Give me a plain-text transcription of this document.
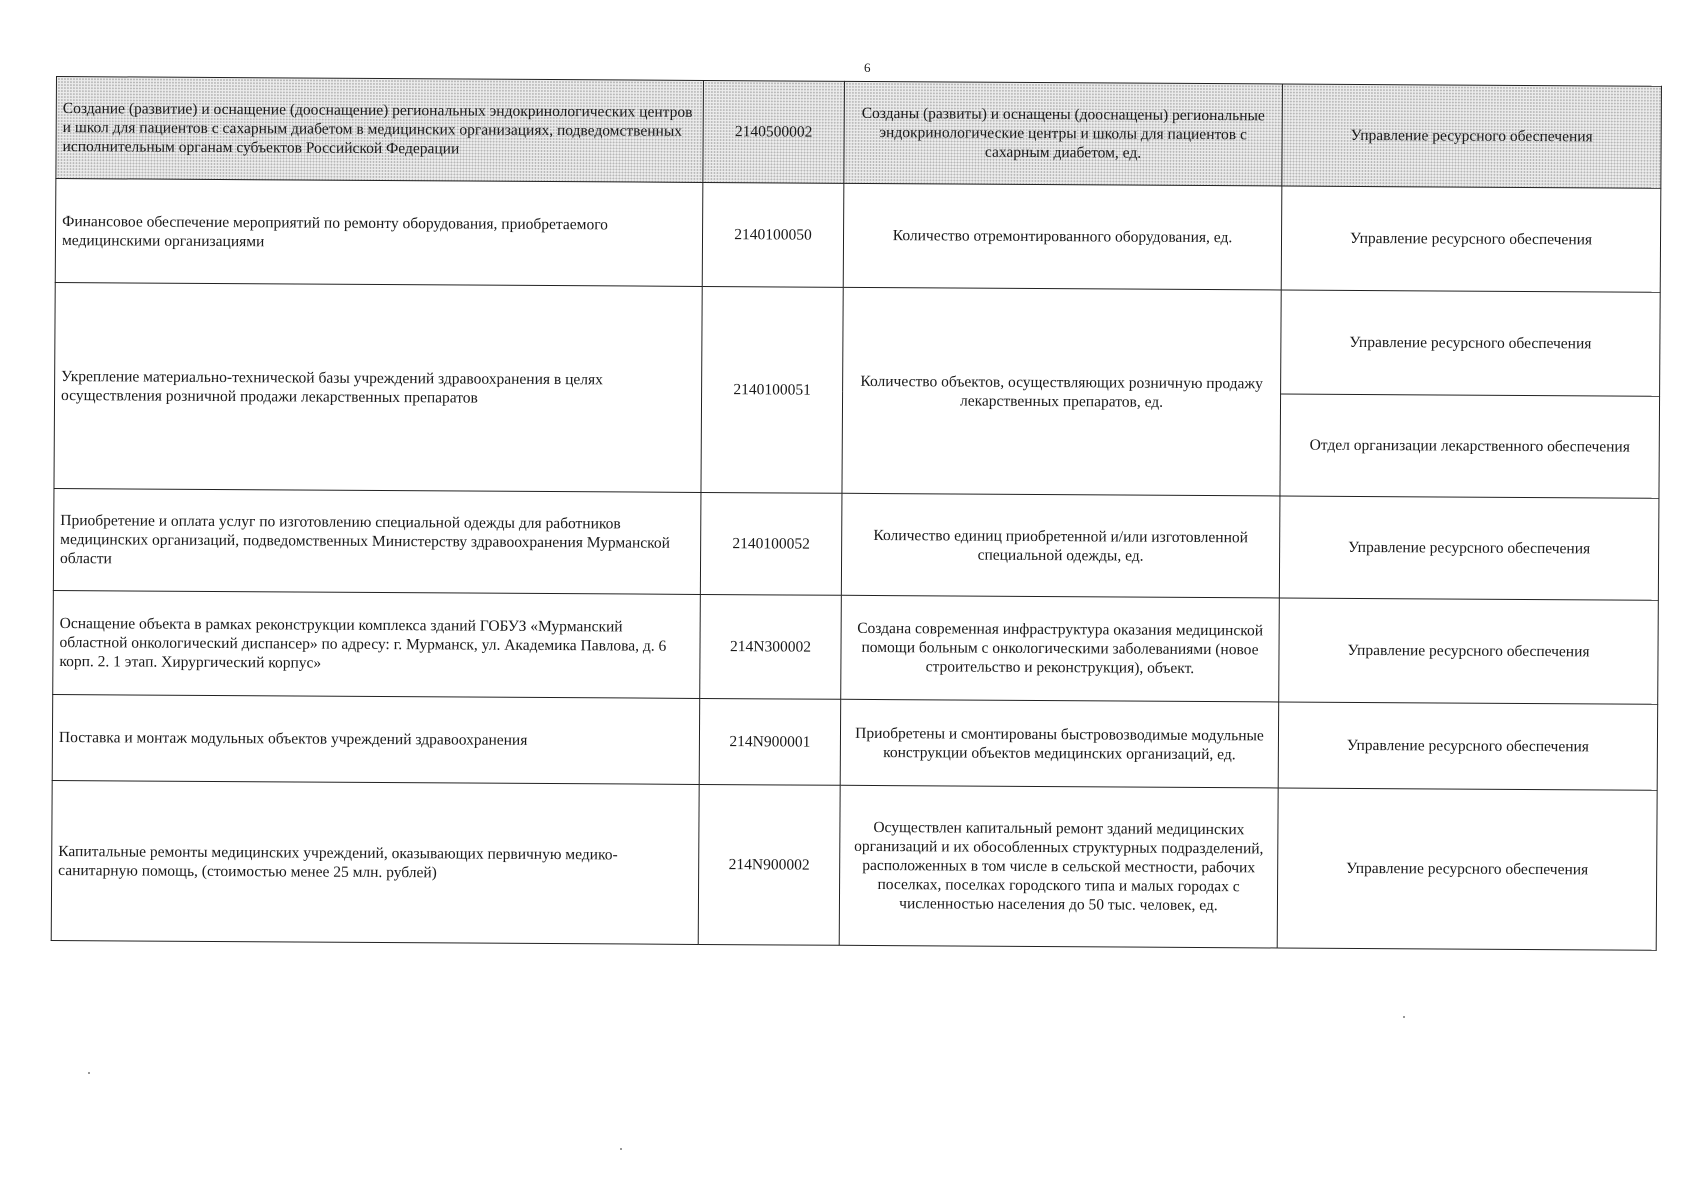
6
Создание (развитие) и оснащение (дооснащение) региональных эндокринологических центров и школ для пациентов с сахарным диабетом в медицинских организациях, подведомственных исполнительным органам субъектов Российской Федерации	2140500002	Созданы (развиты) и оснащены (дооснащены) региональные эндокринологические центры и школы для пациентов с сахарным диабетом, ед.	Управление ресурсного обеспечения
Финансовое обеспечение мероприятий по ремонту оборудования, приобретаемого медицинскими организациями	2140100050	Количество отремонтированного оборудования, ед.	Управление ресурсного обеспечения
Укрепление материально-технической базы учреждений здравоохранения в целях осуществления розничной продажи лекарственных препаратов	2140100051	Количество объектов, осуществляющих розничную продажу лекарственных препаратов, ед.	Управление ресурсного обеспечения
			Отдел организации лекарственного обеспечения
Приобретение и оплата услуг по изготовлению специальной одежды для работников медицинских организаций, подведомственных Министерству здравоохранения Мурманской области	2140100052	Количество единиц приобретенной и/или изготовленной специальной одежды, ед.	Управление ресурсного обеспечения
Оснащение объекта в рамках реконструкции комплекса зданий ГОБУЗ «Мурманский областной онкологический диспансер» по адресу: г. Мурманск, ул. Академика Павлова, д. 6 корп. 2. 1 этап. Хирургический корпус»	214N300002	Создана современная инфраструктура оказания медицинской помощи больным с онкологическими заболеваниями (новое строительство и реконструкция), объект.	Управление ресурсного обеспечения
Поставка и монтаж модульных объектов учреждений здравоохранения	214N900001	Приобретены и смонтированы быстровозводимые модульные конструкции объектов медицинских организаций, ед.	Управление ресурсного обеспечения
Капитальные ремонты медицинских учреждений, оказывающих первичную медико-санитарную помощь, (стоимостью менее 25 млн. рублей)	214N900002	Осуществлен капитальный ремонт зданий медицинских организаций и их обособленных структурных подразделений, расположенных в том числе в сельской местности, рабочих поселках, поселках городского типа и малых городах с численностью населения до 50 тыс. человек, ед.	Управление ресурсного обеспечения
